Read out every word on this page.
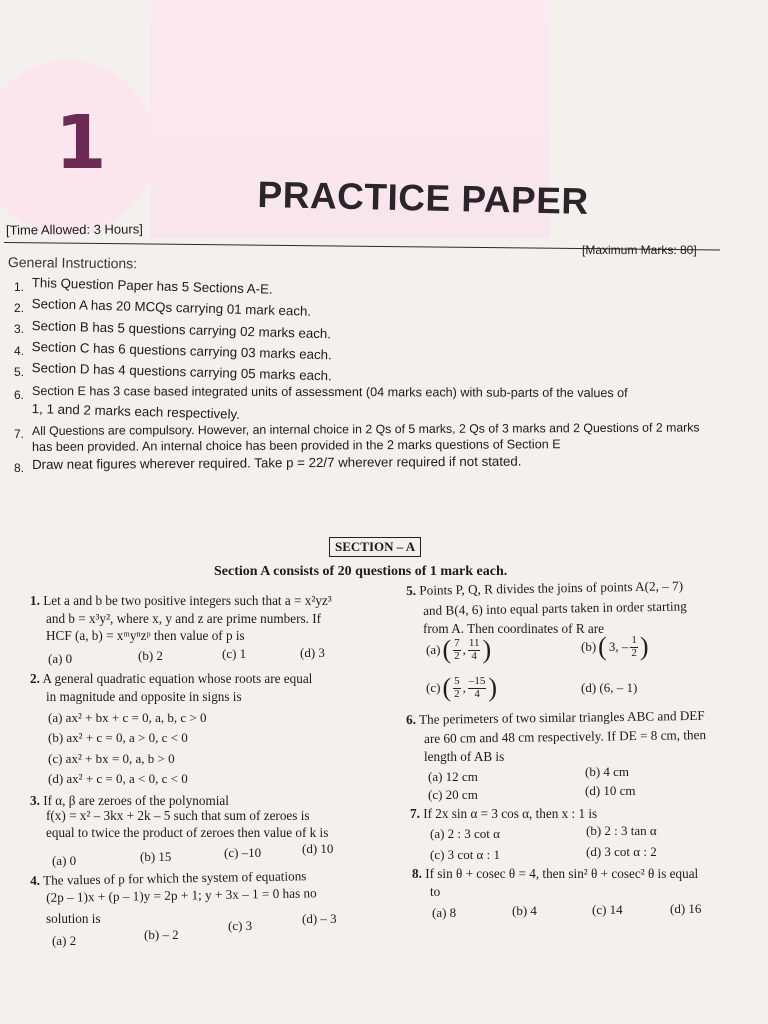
1
PRACTICE PAPER
[Time Allowed: 3 Hours]
[Maximum Marks: 80]
General Instructions:
1. This Question Paper has 5 Sections A-E.
2. Section A has 20 MCQs carrying 01 mark each.
3. Section B has 5 questions carrying 02 marks each.
4. Section C has 6 questions carrying 03 marks each.
5. Section D has 4 questions carrying 05 marks each.
6. Section E has 3 case based integrated units of assessment (04 marks each) with sub-parts of the values of
1, 1 and 2 marks each respectively.
7. All Questions are compulsory. However, an internal choice in 2 Qs of 5 marks, 2 Qs of 3 marks and 2 Questions of 2 marks
has been provided. An internal choice has been provided in the 2 marks questions of Section E
8. Draw neat figures wherever required. Take p = 22/7 wherever required if not stated.
SECTION – A
Section A consists of 20 questions of 1 mark each.
1. Let a and b be two positive integers such that a = x²yz³
and b = x³y², where x, y and z are prime numbers. If
HCF (a, b) = xᵐyⁿzᵖ then value of p is
(a) 0	(b) 2	(c) 1	(d) 3
2. A general quadratic equation whose roots are equal
in magnitude and opposite in signs is
(a) ax² + bx + c = 0, a, b, c > 0
(b) ax² + c = 0, a > 0, c < 0
(c) ax² + bx = 0, a, b > 0
(d) ax² + c = 0, a < 0, c < 0
3. If α, β are zeroes of the polynomial
f(x) = x² – 3kx + 2k – 5 such that sum of zeroes is
equal to twice the product of zeroes then value of k is
(a) 0	(b) 15	(c) –10	(d) 10
4. The values of p for which the system of equations
(2p – 1)x + (p – 1)y = 2p + 1; y + 3x – 1 = 0 has no
solution is
(a) 2	(b) – 2
(c) 3	(d) – 3
5. Points P, Q, R divides the joins of points A(2, – 7)
and B(4, 6) into equal parts taken in order starting
from A. Then coordinates of R are
(a) ( $\frac{7}{2}$ , $\frac{11}{4}$ )	(b) ( 3, – $\frac{1}{2}$ )
(c) ( $\frac{5}{2}$ , $\frac{-15}{4}$ )	(d) (6, – 1)
6. The perimeters of two similar triangles ABC and DEF
are 60 cm and 48 cm respectively. If DE = 8 cm, then
length of AB is
(a) 12 cm	(b) 4 cm
(c) 20 cm	(d) 10 cm
7. If 2x sin α = 3 cos α, then x : 1 is
(a) 2 : 3 cot α	(b) 2 : 3 tan α
(c) 3 cot α : 1	(d) 3 cot α : 2
8. If sin θ + cosec θ = 4, then sin² θ + cosec² θ is equal
to
(a) 8	(b) 4	(c) 14	(d) 16
